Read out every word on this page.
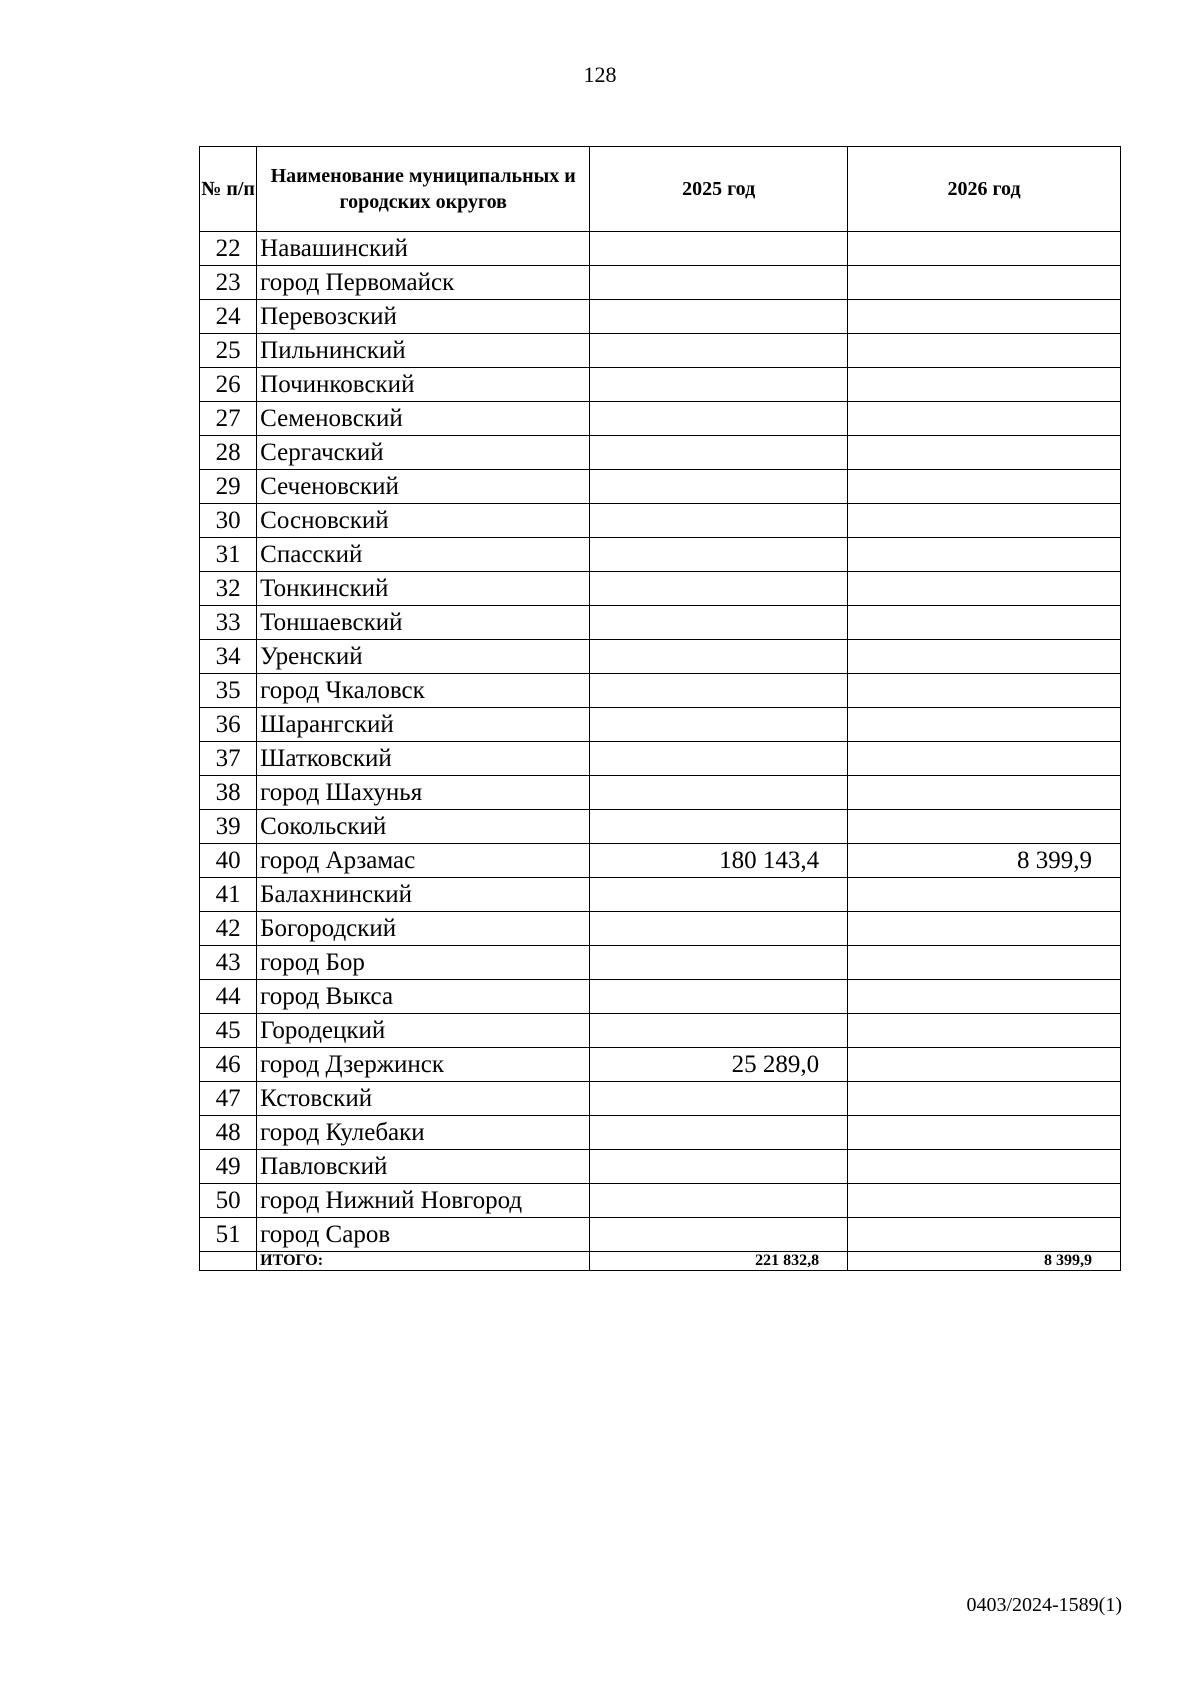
128
№ п/п	Наименование муниципальных и городских округов	2025 год	2026 год
22	Навашинский		
23	город Первомайск		
24	Перевозский		
25	Пильнинский		
26	Починковский		
27	Семеновский		
28	Сергачский		
29	Сеченовский		
30	Сосновский		
31	Спасский		
32	Тонкинский		
33	Тоншаевский		
34	Уренский		
35	город Чкаловск		
36	Шарангский		
37	Шатковский		
38	город Шахунья		
39	Сокольский		
40	город Арзамас	180 143,4	8 399,9
41	Балахнинский		
42	Богородский		
43	город Бор		
44	город Выкса		
45	Городецкий		
46	город Дзержинск	25 289,0	
47	Кстовский		
48	город Кулебаки		
49	Павловский		
50	город Нижний Новгород		
51	город Саров		
	ИТОГО:	221 832,8	8 399,9
0403/2024-1589(1)
